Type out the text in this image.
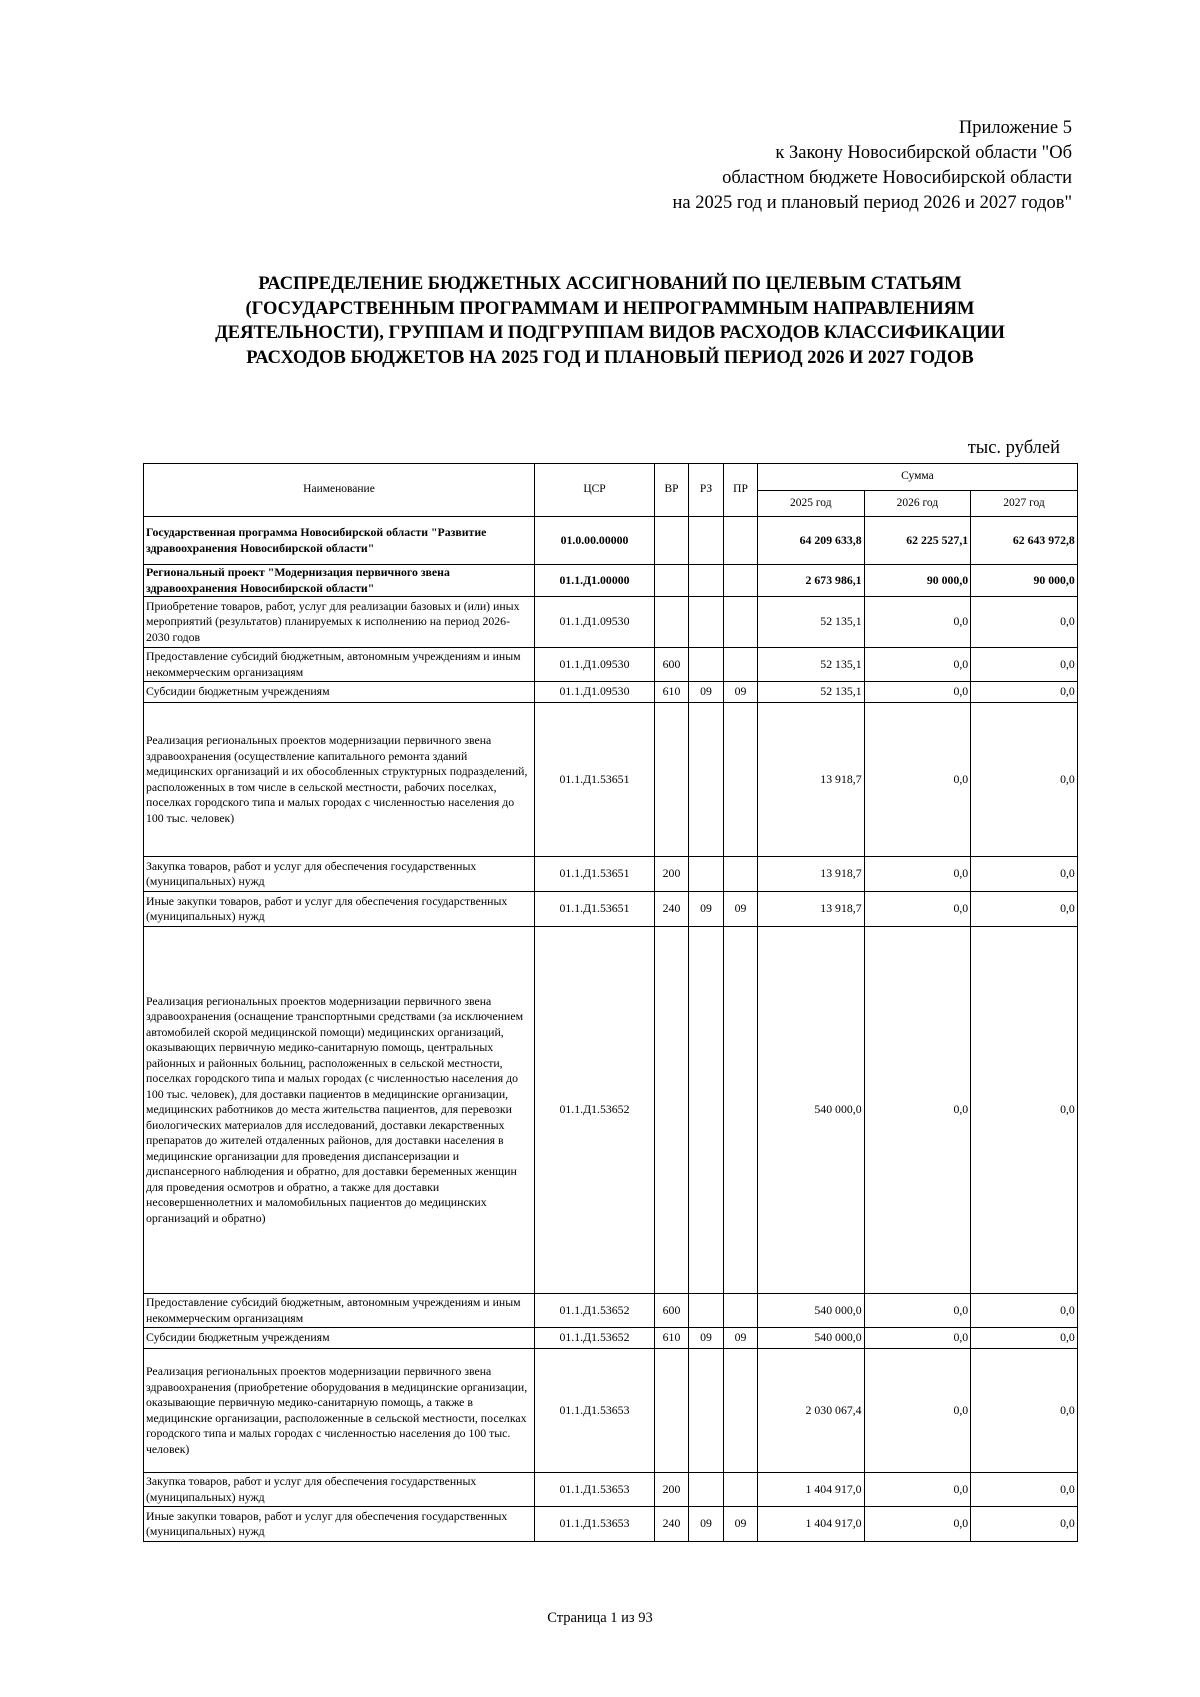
Приложение 5
к Закону Новосибирской области "Об
областном бюджете Новосибирской области
на 2025 год и плановый период 2026 и 2027 годов"
РАСПРЕДЕЛЕНИЕ БЮДЖЕТНЫХ АССИГНОВАНИЙ ПО ЦЕЛЕВЫМ СТАТЬЯМ
(ГОСУДАРСТВЕННЫМ ПРОГРАММАМ И НЕПРОГРАММНЫМ НАПРАВЛЕНИЯМ
ДЕЯТЕЛЬНОСТИ), ГРУППАМ И ПОДГРУППАМ ВИДОВ РАСХОДОВ КЛАССИФИКАЦИИ
РАСХОДОВ БЮДЖЕТОВ НА 2025 ГОД И ПЛАНОВЫЙ ПЕРИОД 2026 И 2027 ГОДОВ
тыс. рублей
Наименование	ЦСР	ВР	РЗ	ПР	Сумма		
					2025 год	2026 год	2027 год
Государственная программа Новосибирской области "Развитие здравоохранения Новосибирской области"	01.0.00.00000				64 209 633,8	62 225 527,1	62 643 972,8
Региональный проект "Модернизация первичного звена здравоохранения Новосибирской области"	01.1.Д1.00000				2 673 986,1	90 000,0	90 000,0
Приобретение товаров, работ, услуг для реализации базовых и (или) иных мероприятий (результатов) планируемых к исполнению на период 2026-2030 годов	01.1.Д1.09530				52 135,1	0,0	0,0
Предоставление субсидий бюджетным, автономным учреждениям и иным некоммерческим организациям	01.1.Д1.09530	600			52 135,1	0,0	0,0
Субсидии бюджетным учреждениям	01.1.Д1.09530	610	09	09	52 135,1	0,0	0,0
Реализация региональных проектов модернизации первичного звена здравоохранения (осуществление капитального ремонта зданий медицинских организаций и их обособленных структурных подразделений, расположенных в том числе в сельской местности, рабочих поселках, поселках городского типа и малых городах с численностью населения до 100 тыс. человек)	01.1.Д1.53651				13 918,7	0,0	0,0
Закупка товаров, работ и услуг для обеспечения государственных (муниципальных) нужд	01.1.Д1.53651	200			13 918,7	0,0	0,0
Иные закупки товаров, работ и услуг для обеспечения государственных (муниципальных) нужд	01.1.Д1.53651	240	09	09	13 918,7	0,0	0,0
Реализация региональных проектов модернизации первичного звена здравоохранения (оснащение транспортными средствами (за исключением автомобилей скорой медицинской помощи) медицинских организаций, оказывающих первичную медико-санитарную помощь, центральных районных и районных больниц, расположенных в сельской местности, поселках городского типа и малых городах (с численностью населения до 100 тыс. человек), для доставки пациентов в медицинские организации, медицинских работников до места жительства пациентов, для перевозки биологических материалов для исследований, доставки лекарственных препаратов до жителей отдаленных районов, для доставки населения в медицинские организации для проведения диспансеризации и диспансерного наблюдения и обратно, для доставки беременных женщин для проведения осмотров и обратно, а также для доставки несовершеннолетних и маломобильных пациентов до медицинских организаций и обратно)	01.1.Д1.53652				540 000,0	0,0	0,0
Предоставление субсидий бюджетным, автономным учреждениям и иным некоммерческим организациям	01.1.Д1.53652	600			540 000,0	0,0	0,0
Субсидии бюджетным учреждениям	01.1.Д1.53652	610	09	09	540 000,0	0,0	0,0
Реализация региональных проектов модернизации первичного звена здравоохранения (приобретение оборудования в медицинские организации, оказывающие первичную медико-санитарную помощь, а также в медицинские организации, расположенные в сельской местности, поселках городского типа и малых городах с численностью населения до 100 тыс. человек)	01.1.Д1.53653				2 030 067,4	0,0	0,0
Закупка товаров, работ и услуг для обеспечения государственных (муниципальных) нужд	01.1.Д1.53653	200			1 404 917,0	0,0	0,0
Иные закупки товаров, работ и услуг для обеспечения государственных (муниципальных) нужд	01.1.Д1.53653	240	09	09	1 404 917,0	0,0	0,0
Страница 1 из 93
